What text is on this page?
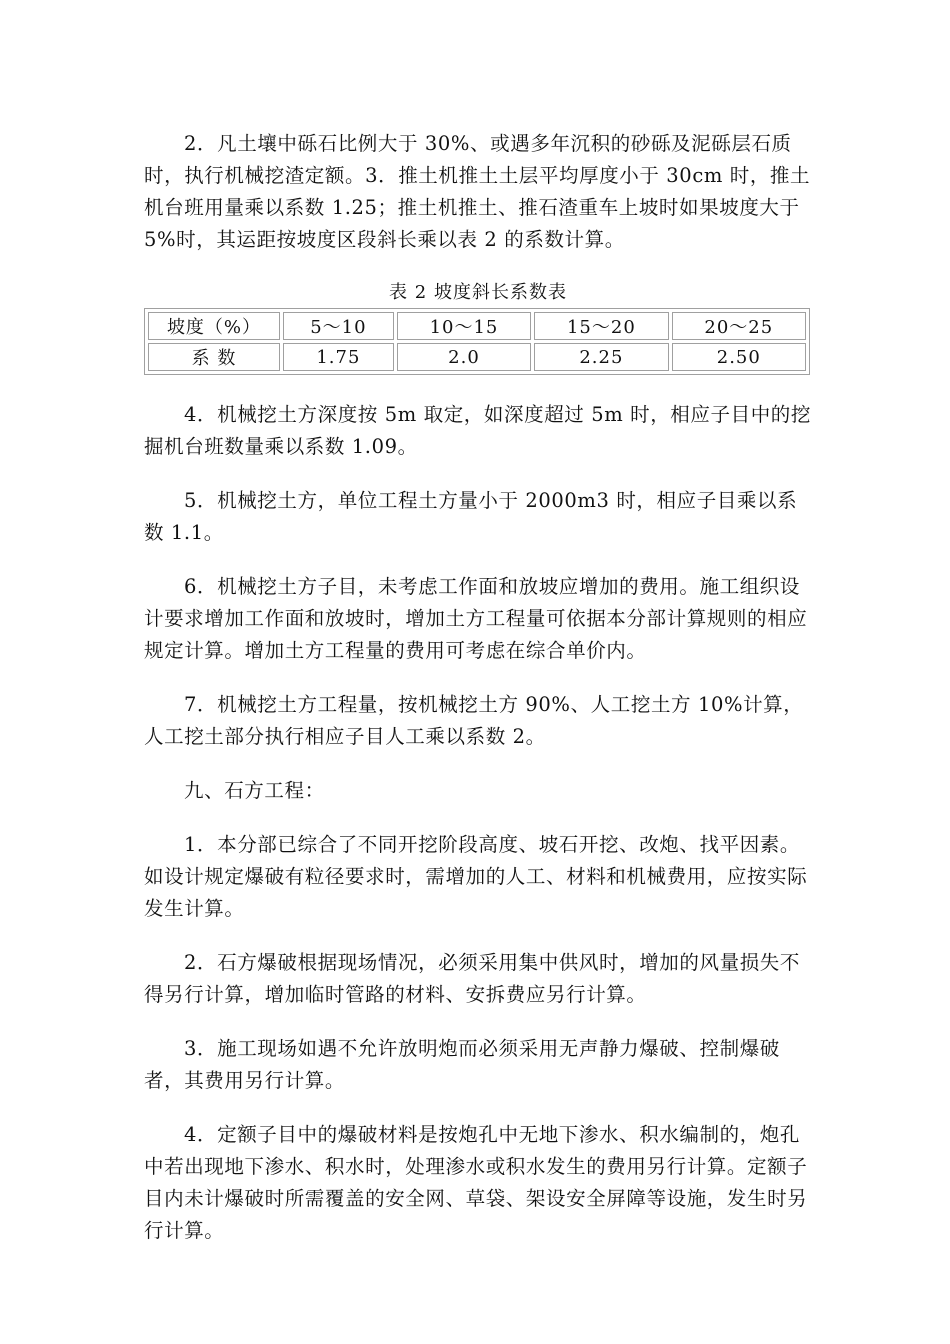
2．凡土壤中砾石比例大于 30%、或遇多年沉积的砂砾及泥砾层石质时，执行机械挖渣定额。3．推土机推土土层平均厚度小于 30cm 时，推土机台班用量乘以系数 1.25；推土机推土、推石渣重车上坡时如果坡度大于 5%时，其运距按坡度区段斜长乘以表 2 的系数计算。

表 2 坡度斜长系数表
坡度（%）	5～10	10～15	15～20	20～25
系 数	1.75	2.0	2.25	2.50

4．机械挖土方深度按 5m 取定，如深度超过 5m 时，相应子目中的挖掘机台班数量乘以系数 1.09。

5．机械挖土方，单位工程土方量小于 2000m3 时，相应子目乘以系数 1.1。

6．机械挖土方子目，未考虑工作面和放坡应增加的费用。施工组织设计要求增加工作面和放坡时，增加土方工程量可依据本分部计算规则的相应规定计算。增加土方工程量的费用可考虑在综合单价内。

7．机械挖土方工程量，按机械挖土方 90%、人工挖土方 10%计算，人工挖土部分执行相应子目人工乘以系数 2。

九、石方工程：

1．本分部已综合了不同开挖阶段高度、坡石开挖、改炮、找平因素。如设计规定爆破有粒径要求时，需增加的人工、材料和机械费用，应按实际发生计算。

2．石方爆破根据现场情况，必须采用集中供风时，增加的风量损失不得另行计算，增加临时管路的材料、安拆费应另行计算。

3．施工现场如遇不允许放明炮而必须采用无声静力爆破、控制爆破者，其费用另行计算。

4．定额子目中的爆破材料是按炮孔中无地下渗水、积水编制的，炮孔中若出现地下渗水、积水时，处理渗水或积水发生的费用另行计算。定额子目内未计爆破时所需覆盖的安全网、草袋、架设安全屏障等设施，发生时另行计算。
